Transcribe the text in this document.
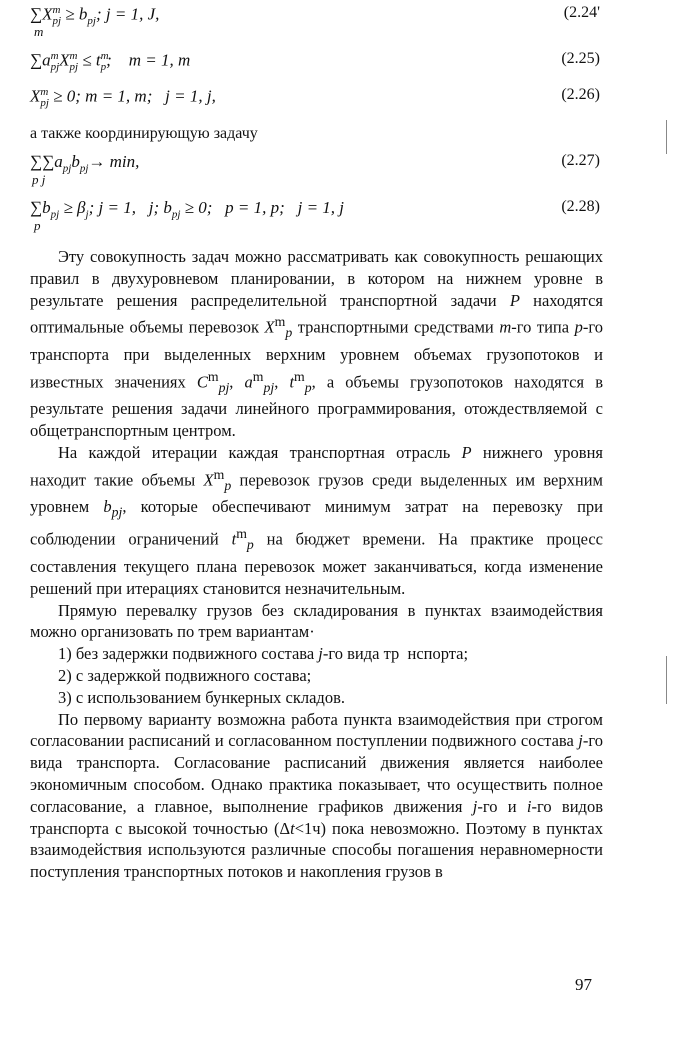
$\sum X^m_{pj} \ge b_{pj}$; j = 1, J,
m
(2.24'
$\sum a^m_{pj}X^m_{pj} \le t^m_p$;    m = 1, m	(2.25)
$X^m_{pj} \ge 0$; m = 1, m;   j = 1, j,	(2.26)
а также координирующую задачу
$\sum\sum a_{pj}b_{pj}\to \min$,
p j
(2.27)
$\sum b_{pj} \ge \beta_j$; j = 1,   j; $b_{pj} \ge 0$;   p = 1, p;   j = 1, j
p
(2.28)

Эту совокупность задач можно рассматривать как совокупность решающих правил в двухуровневом планировании, в котором на нижнем уровне в результате решения распределительной транспортной задачи P находятся оптимальные объемы перевозок $X^m_p$ транспортными средствами m-го типа p-го транспорта при выделенных верхним уровнем объемах грузопотоков и известных значениях $C^m_{pj}$, $a^m_{pj}$, $t^m_p$, а объемы грузопотоков находятся в результате решения задачи линейного программирования, отождествляемой с общетранспортным центром.

На каждой итерации каждая транспортная отрасль P нижнего уровня находит такие объемы $X^m_p$ перевозок грузов среди выделенных им верхним уровнем $b_{pj}$, которые обеспечивают минимум затрат на перевозку при соблюдении ограничений $t^m_p$ на бюджет времени. На практике процесс составления текущего плана перевозок может заканчиваться, когда изменение решений при итерациях становится незначительным.

Прямую перевалку грузов без складирования в пунктах взаимодействия можно организовать по трем вариантам·

1) без задержки подвижного состава j-го вида тр  нспорта;

2) с задержкой подвижного состава;

3) с использованием бункерных складов.

По первому варианту возможна работа пункта взаимодействия при строгом согласовании расписаний и согласованном поступлении подвижного состава j-го вида транспорта. Согласование расписаний движения является наиболее экономичным способом. Однако практика показывает, что осуществить полное согласование, а главное, выполнение графиков движения j-го и i-го видов транспорта с высокой точностью (Δt<1ч) пока невозможно. Поэтому в пунктах взаимодействия используются различные способы погашения неравномерности поступления транспортных потоков и накопления грузов в

97
